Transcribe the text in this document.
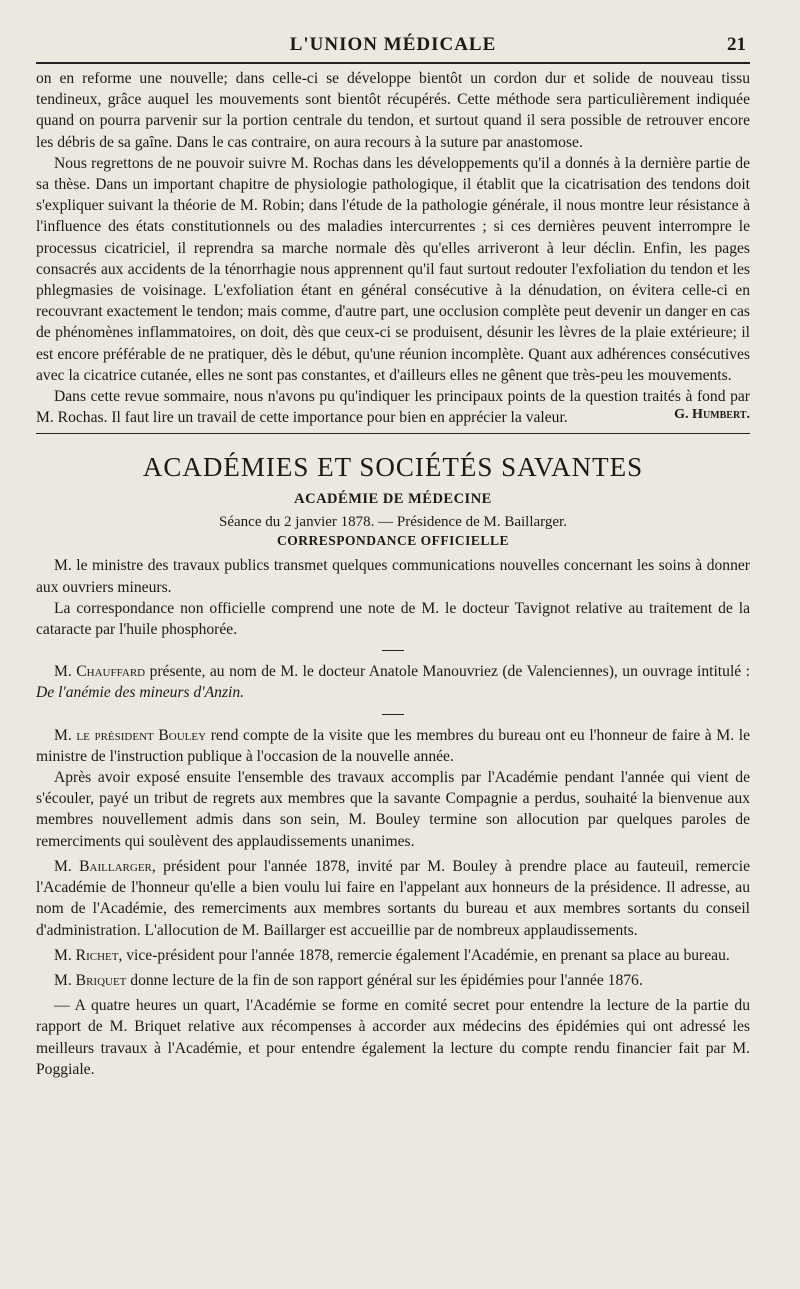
L'UNION MÉDICALE	21

on en reforme une nouvelle; dans celle-ci se développe bientôt un cordon dur et solide de nouveau tissu tendineux, grâce auquel les mouvements sont bientôt récupérés. Cette méthode sera particulièrement indiquée quand on pourra parvenir sur la portion centrale du tendon, et surtout quand il sera possible de retrouver encore les débris de sa gaîne. Dans le cas contraire, on aura recours à la suture par anastomose.

Nous regrettons de ne pouvoir suivre M. Rochas dans les développements qu'il a donnés à la dernière partie de sa thèse. Dans un important chapitre de physiologie pathologique, il établit que la cicatrisation des tendons doit s'expliquer suivant la théorie de M. Robin; dans l'étude de la pathologie générale, il nous montre leur résistance à l'influence des états constitutionnels ou des maladies intercurrentes ; si ces dernières peuvent interrompre le processus cicatriciel, il reprendra sa marche normale dès qu'elles arriveront à leur déclin. Enfin, les pages consacrés aux accidents de la ténorrhagie nous apprennent qu'il faut surtout redouter l'exfoliation du tendon et les phlegmasies de voisinage. L'exfoliation étant en général consécutive à la dénudation, on évitera celle-ci en recouvrant exactement le tendon; mais comme, d'autre part, une occlusion complète peut devenir un danger en cas de phénomènes inflammatoires, on doit, dès que ceux-ci se produisent, désunir les lèvres de la plaie extérieure; il est encore préférable de ne pratiquer, dès le début, qu'une réunion incomplète. Quant aux adhérences consécutives avec la cicatrice cutanée, elles ne sont pas constantes, et d'ailleurs elles ne gênent que très-peu les mouvements.

Dans cette revue sommaire, nous n'avons pu qu'indiquer les principaux points de la question traités à fond par M. Rochas. Il faut lire un travail de cette importance pour bien en apprécier la valeur.	G. Humbert.
ACADÉMIES ET SOCIÉTÉS SAVANTES
ACADÉMIE DE MÉDECINE
Séance du 2 janvier 1878. — Présidence de M. Baillarger.
CORRESPONDANCE OFFICIELLE

M. le ministre des travaux publics transmet quelques communications nouvelles concernant les soins à donner aux ouvriers mineurs.

La correspondance non officielle comprend une note de M. le docteur Tavignot relative au traitement de la cataracte par l'huile phosphorée.

M. Chauffard présente, au nom de M. le docteur Anatole Manouvriez (de Valenciennes), un ouvrage intitulé : De l'anémie des mineurs d'Anzin.

M. le président Bouley rend compte de la visite que les membres du bureau ont eu l'honneur de faire à M. le ministre de l'instruction publique à l'occasion de la nouvelle année.

Après avoir exposé ensuite l'ensemble des travaux accomplis par l'Académie pendant l'année qui vient de s'écouler, payé un tribut de regrets aux membres que la savante Compagnie a perdus, souhaité la bienvenue aux membres nouvellement admis dans son sein, M. Bouley termine son allocution par quelques paroles de remerciments qui soulèvent des applaudissements unanimes.

M. Baillarger, président pour l'année 1878, invité par M. Bouley à prendre place au fauteuil, remercie l'Académie de l'honneur qu'elle a bien voulu lui faire en l'appelant aux honneurs de la présidence. Il adresse, au nom de l'Académie, des remerciments aux membres sortants du bureau et aux membres sortants du conseil d'administration. L'allocution de M. Baillarger est accueillie par de nombreux applaudissements.

M. Richet, vice-président pour l'année 1878, remercie également l'Académie, en prenant sa place au bureau.

M. Briquet donne lecture de la fin de son rapport général sur les épidémies pour l'année 1876.

— A quatre heures un quart, l'Académie se forme en comité secret pour entendre la lecture de la partie du rapport de M. Briquet relative aux récompenses à accorder aux médecins des épidémies qui ont adressé les meilleurs travaux à l'Académie, et pour entendre également la lecture du compte rendu financier fait par M. Poggiale.
